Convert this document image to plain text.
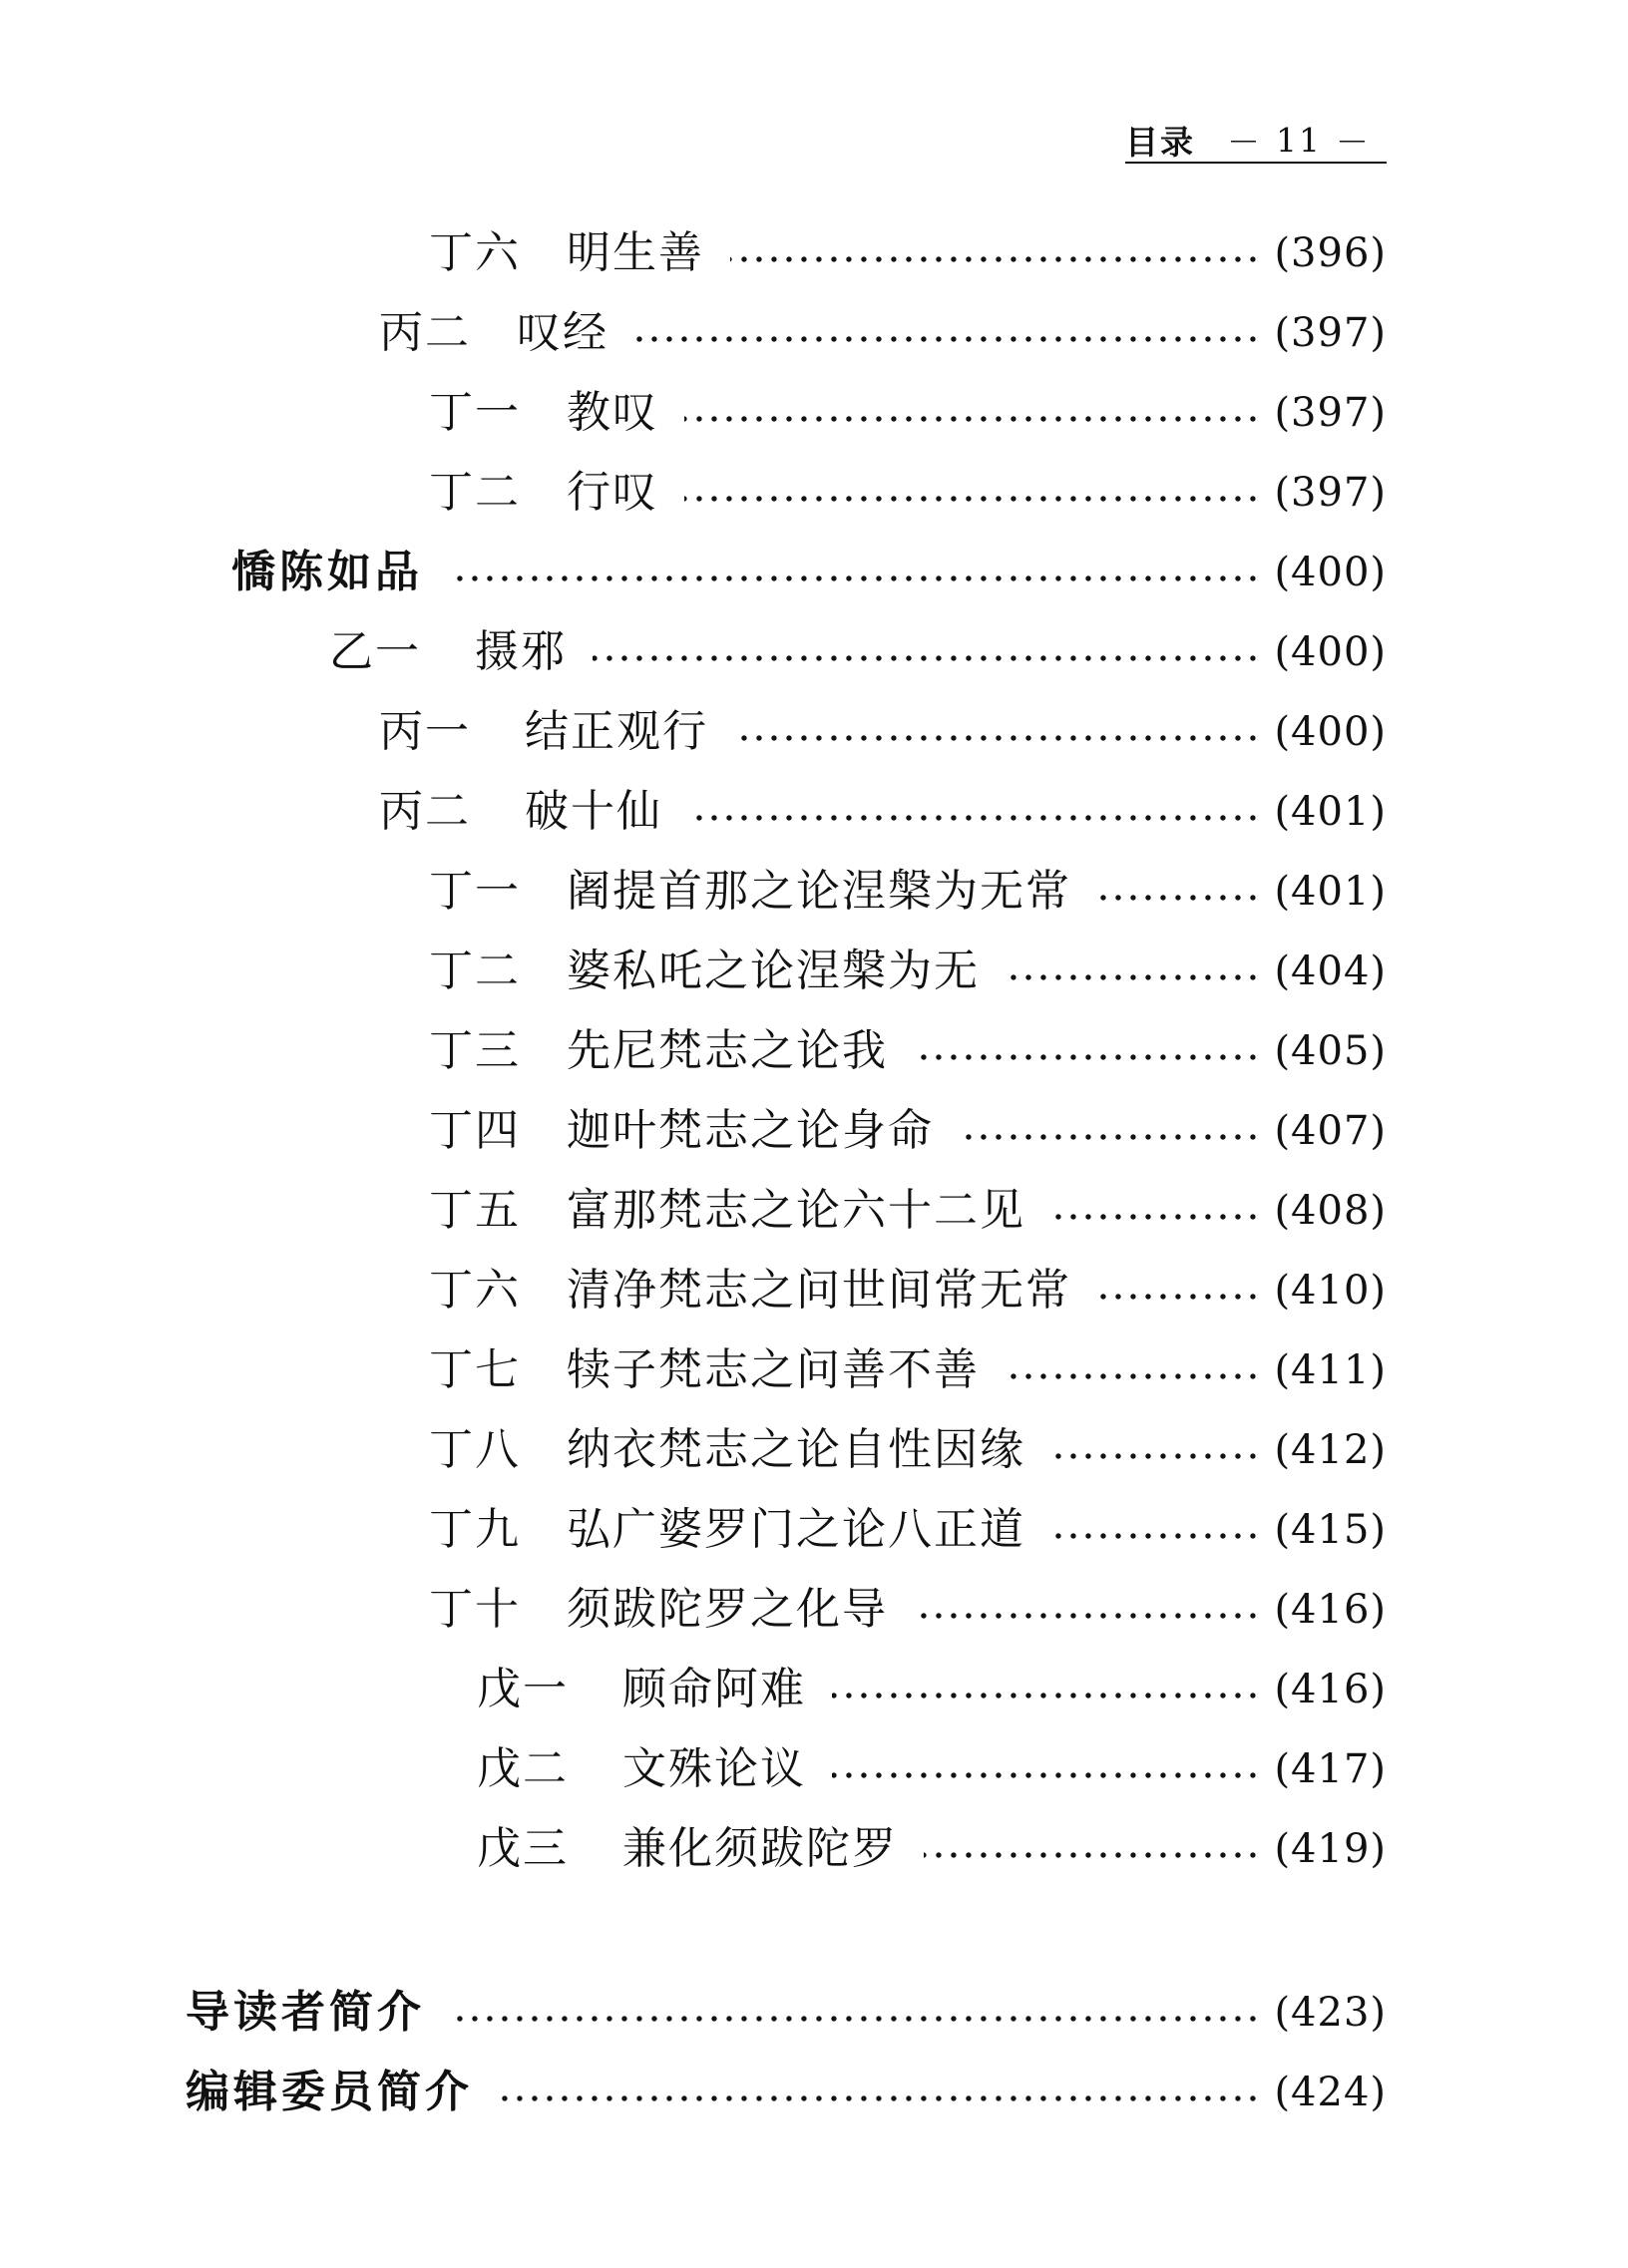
目录 － 11 －
丁六	明生善	(396)
丙二	叹经	(397)
丁一	教叹	(397)
丁二	行叹	(397)
憍陈如品	(400)
乙一	摄邪	(400)
丙一	结正观行	(400)
丙二	破十仙	(401)
丁一	阇提首那之论涅槃为无常	(401)
丁二	婆私吒之论涅槃为无	(404)
丁三	先尼梵志之论我	(405)
丁四	迦叶梵志之论身命	(407)
丁五	富那梵志之论六十二见	(408)
丁六	清净梵志之问世间常无常	(410)
丁七	犊子梵志之问善不善	(411)
丁八	纳衣梵志之论自性因缘	(412)
丁九	弘广婆罗门之论八正道	(415)
丁十	须跋陀罗之化导	(416)
戊一	顾命阿难	(416)
戊二	文殊论议	(417)
戊三	兼化须跋陀罗	(419)
导读者简介	(423)
编辑委员简介	(424)
